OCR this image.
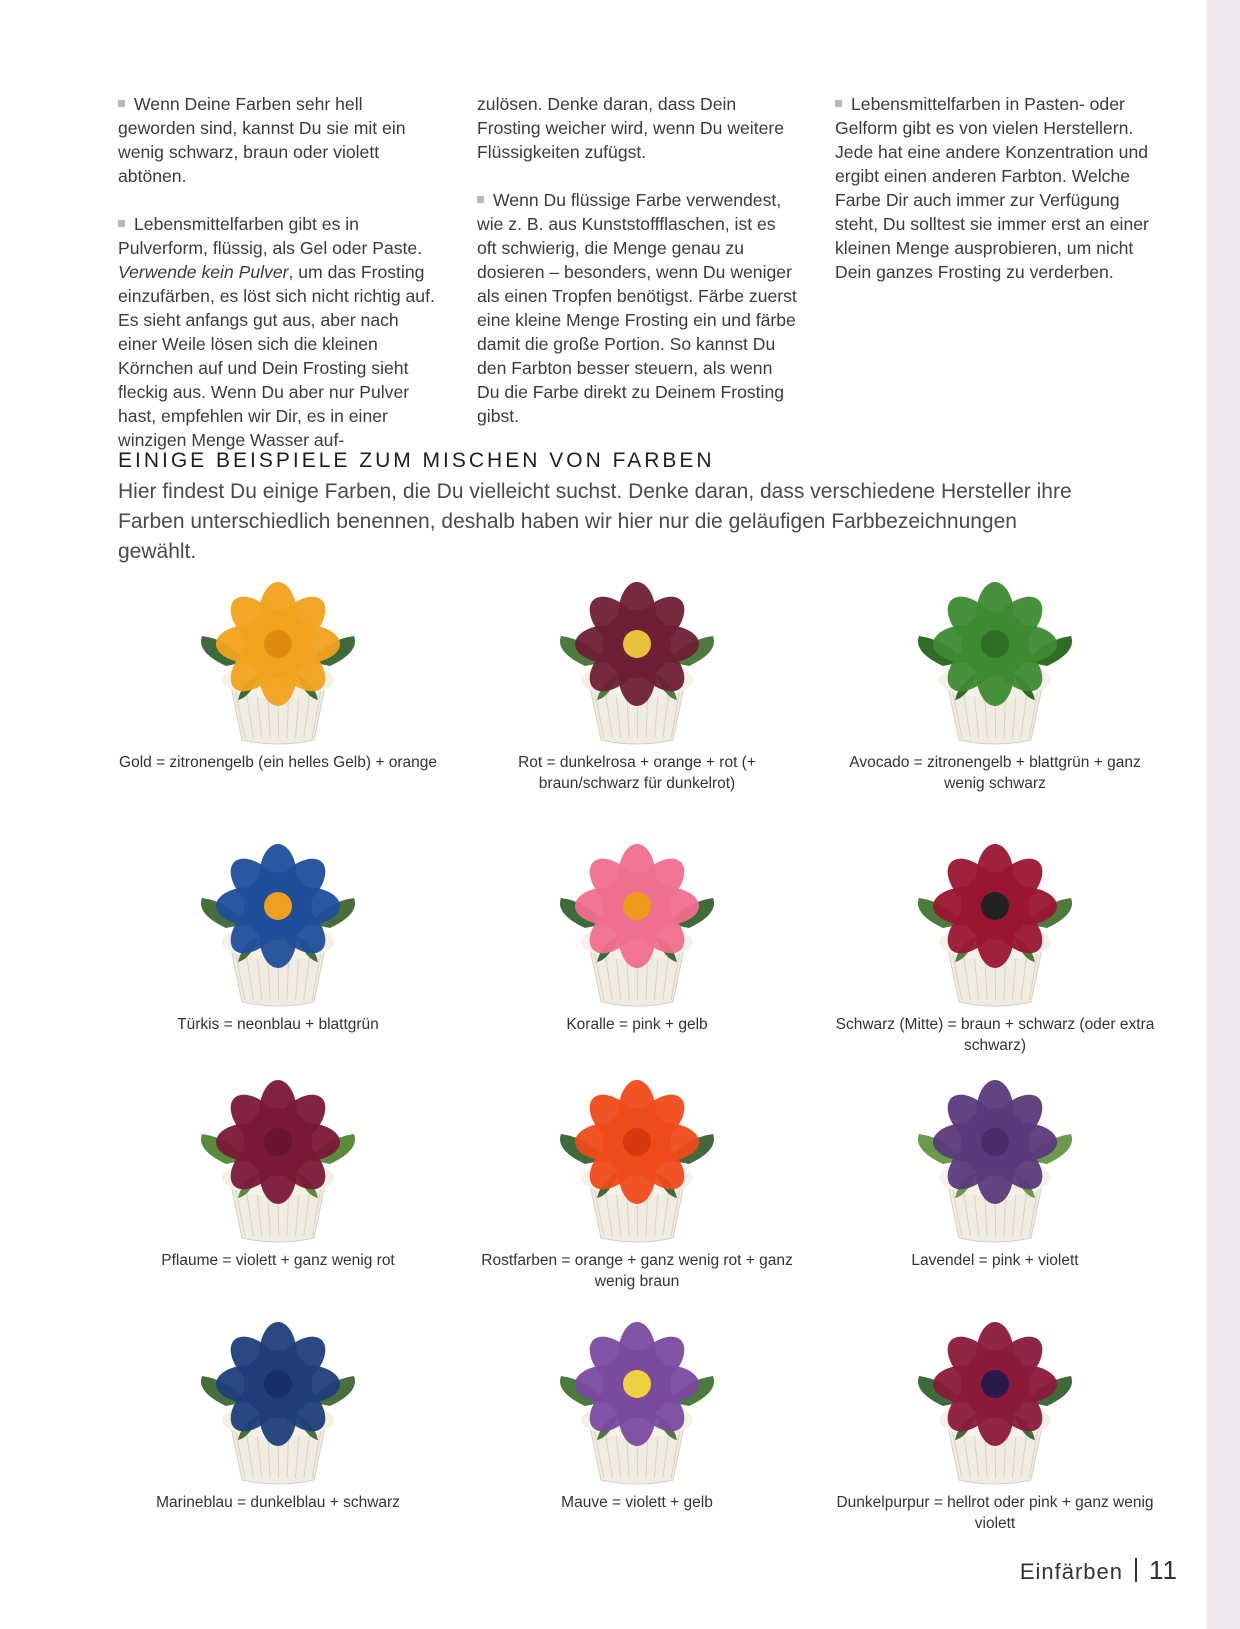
Wenn Deine Farben sehr hell geworden sind, kannst Du sie mit ein wenig schwarz, braun oder violett abtönen.

Lebensmittelfarben gibt es in Pulverform, flüssig, als Gel oder Paste. Verwende kein Pulver, um das Frosting einzufärben, es löst sich nicht richtig auf. Es sieht anfangs gut aus, aber nach einer Weile lösen sich die kleinen Körnchen auf und Dein Frosting sieht fleckig aus. Wenn Du aber nur Pulver hast, empfehlen wir Dir, es in einer winzigen Menge Wasser auf-

zulösen. Denke daran, dass Dein Frosting weicher wird, wenn Du weitere Flüssigkeiten zufügst.

Wenn Du flüssige Farbe verwendest, wie z. B. aus Kunststoffflaschen, ist es oft schwierig, die Menge genau zu dosieren – besonders, wenn Du weniger als einen Tropfen benötigst. Färbe zuerst eine kleine Menge Frosting ein und färbe damit die große Portion. So kannst Du den Farbton besser steuern, als wenn Du die Farbe direkt zu Deinem Frosting gibst.

Lebensmittelfarben in Pasten- oder Gelform gibt es von vielen Herstellern. Jede hat eine andere Konzentration und ergibt einen anderen Farbton. Welche Farbe Dir auch immer zur Verfügung steht, Du solltest sie immer erst an einer kleinen Menge ausprobieren, um nicht Dein ganzes Frosting zu verderben.

EINIGE BEISPIELE ZUM MISCHEN VON FARBEN

Hier findest Du einige Farben, die Du vielleicht suchst. Denke daran, dass verschiedene Hersteller ihre Farben unterschiedlich benennen, deshalb haben wir hier nur die geläufigen Farbbezeichnungen gewählt.

Gold = zitronengelb (ein helles Gelb) + orange	Rot = dunkelrosa + orange + rot (+ braun/schwarz für dunkelrot)
Avocado = zitronengelb + blattgrün + ganz wenig schwarz
Türkis = neonblau + blattgrün	Koralle = pink + gelb	Schwarz (Mitte) = braun + schwarz (oder extra schwarz)
Pflaume = violett + ganz wenig rot	Rostfarben = orange + ganz wenig rot + ganz wenig braun
Lavendel = pink + violett
Marineblau = dunkelblau + schwarz	Mauve = violett + gelb	Dunkelpurpur = hellrot oder pink + ganz wenig violett
Einfärben 11
